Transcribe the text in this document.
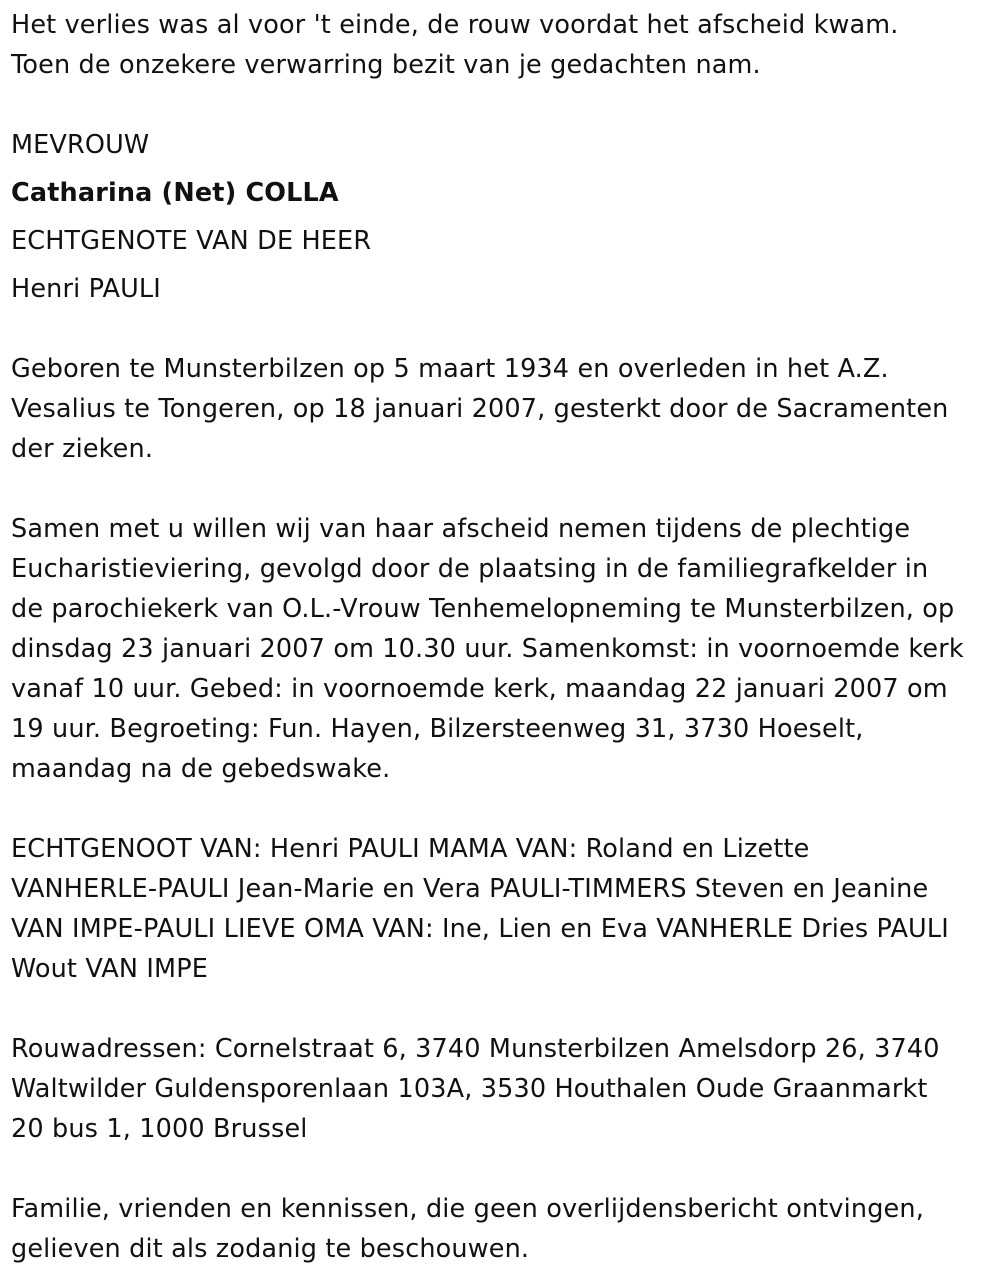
Het verlies was al voor 't einde, de rouw voordat het afscheid kwam.
Toen de onzekere verwarring bezit van je gedachten nam.
MEVROUW
Catharina (Net) COLLA
ECHTGENOTE VAN DE HEER
Henri PAULI
Geboren te Munsterbilzen op 5 maart 1934 en overleden in het A.Z.
Vesalius te Tongeren, op 18 januari 2007, gesterkt door de Sacramenten
der zieken.
Samen met u willen wij van haar afscheid nemen tijdens de plechtige
Eucharistieviering, gevolgd door de plaatsing in de familiegrafkelder in
de parochiekerk van O.L.-Vrouw Tenhemelopneming te Munsterbilzen, op
dinsdag 23 januari 2007 om 10.30 uur. Samenkomst: in voornoemde kerk
vanaf 10 uur. Gebed: in voornoemde kerk, maandag 22 januari 2007 om
19 uur. Begroeting: Fun. Hayen, Bilzersteenweg 31, 3730 Hoeselt,
maandag na de gebedswake.
ECHTGENOOT VAN: Henri PAULI MAMA VAN: Roland en Lizette
VANHERLE-PAULI Jean-Marie en Vera PAULI-TIMMERS Steven en Jeanine
VAN IMPE-PAULI LIEVE OMA VAN: Ine, Lien en Eva VANHERLE Dries PAULI
Wout VAN IMPE
Rouwadressen: Cornelstraat 6, 3740 Munsterbilzen Amelsdorp 26, 3740
Waltwilder Guldensporenlaan 103A, 3530 Houthalen Oude Graanmarkt
20 bus 1, 1000 Brussel
Familie, vrienden en kennissen, die geen overlijdensbericht ontvingen,
gelieven dit als zodanig te beschouwen.
